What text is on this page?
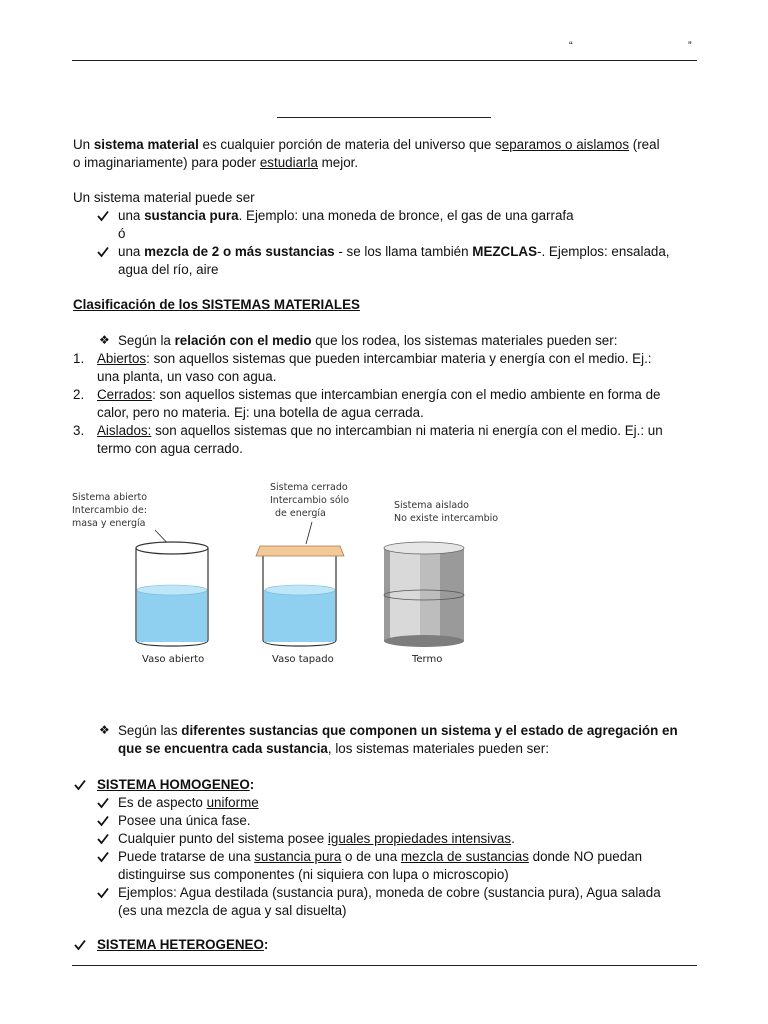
“	”
Un sistema material es cualquier porción de materia del universo que separamos o aislamos (real
o imaginariamente) para poder estudiarla mejor.
Un sistema material puede ser
una sustancia pura. Ejemplo: una moneda de bronce, el gas de una garrafa
ó
una mezcla de 2 o más sustancias - se los llama también MEZCLAS-. Ejemplos: ensalada,
agua del río, aire
Clasificación de los SISTEMAS MATERIALES
❖ Según la relación con el medio que los rodea, los sistemas materiales pueden ser:
1. Abiertos: son aquellos sistemas que pueden intercambiar materia y energía con el medio. Ej.:
una planta, un vaso con agua.
2. Cerrados: son aquellos sistemas que intercambian energía con el medio ambiente en forma de
calor, pero no materia. Ej: una botella de agua cerrada.
3. Aislados: son aquellos sistemas que no intercambian ni materia ni energía con el medio. Ej.: un
termo con agua cerrado.
Sistema abierto
Intercambio de:
masa y energía
Sistema cerrado
Intercambio sólo
de energía
Sistema aislado
No existe intercambio
Vaso abierto	Vaso tapado	Termo
❖ Según las diferentes sustancias que componen un sistema y el estado de agregación en
que se encuentra cada sustancia, los sistemas materiales pueden ser:
SISTEMA HOMOGENEO:
Es de aspecto uniforme
Posee una única fase.
Cualquier punto del sistema posee iguales propiedades intensivas.
Puede tratarse de una sustancia pura o de una mezcla de sustancias donde NO puedan
distinguirse sus componentes (ni siquiera con lupa o microscopio)
Ejemplos: Agua destilada (sustancia pura), moneda de cobre (sustancia pura), Agua salada
(es una mezcla de agua y sal disuelta)
SISTEMA HETEROGENEO:
